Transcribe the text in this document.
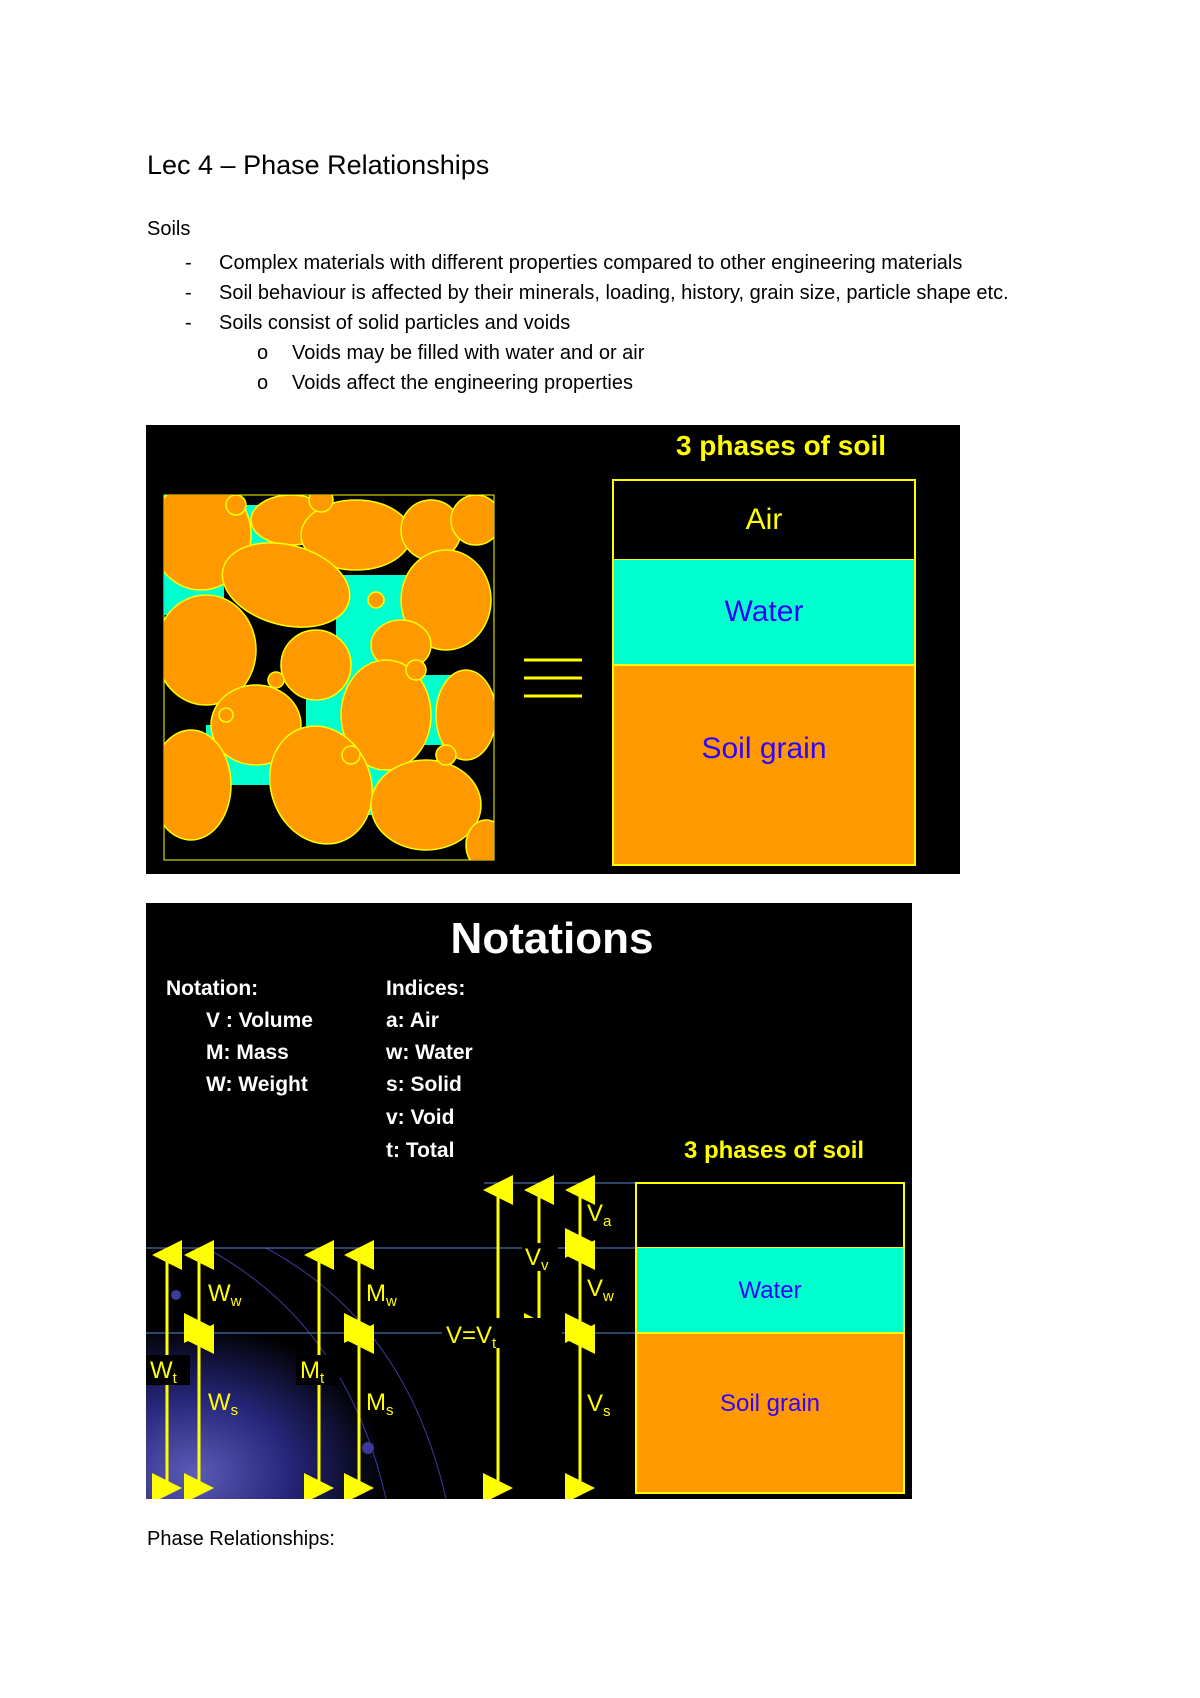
Lec 4 – Phase Relationships
Soils
- Complex materials with different properties compared to other engineering materials
- Soil behaviour is affected by their minerals, loading, history, grain size, particle shape etc.
- Soils consist of solid particles and voids
o Voids may be filled with water and or air
o Voids affect the engineering properties
3 phases of soil
Air
Water
Soil grain
Notations
Notation:
V : Volume
M: Mass
W: Weight
Indices:
a: Air
w: Water
s: Solid
v: Void
t: Total	3 phases of soil
Air
Water
Soil grain
$W_t$
$W_w$
$W_s$
$M_t$
$M_w$
$M_s$
$V=V_t$
$V_v$
$V_a$
$V_w$
$V_s$
Phase Relationships:
